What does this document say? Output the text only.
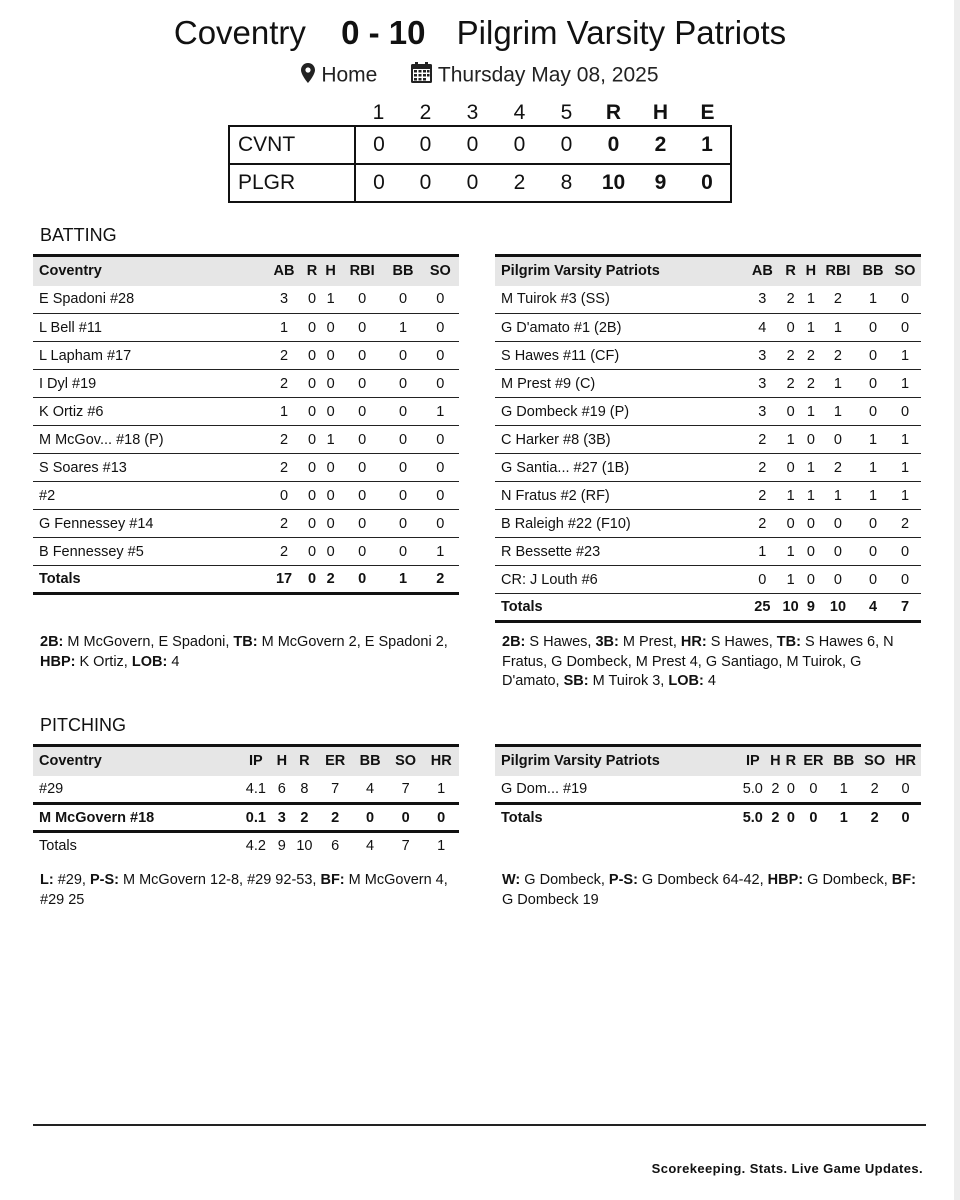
Coventry 0 - 10 Pilgrim Varsity Patriots
Home	Thursday May 08, 2025
	1	2	3	4	5	R	H	E
CVNT	0	0	0	0	0	0	2	1
PLGR	0	0	0	2	8	10	9	0
BATTING
Coventry	AB	R	H	RBI	BB	SO
E Spadoni #28	3	0	1	0	0	0
L Bell #11	1	0	0	0	1	0
L Lapham #17	2	0	0	0	0	0
I Dyl #19	2	0	0	0	0	0
K Ortiz #6	1	0	0	0	0	1
M McGov... #18 (P)	2	0	1	0	0	0
S Soares #13	2	0	0	0	0	0
#2	0	0	0	0	0	0
G Fennessey #14	2	0	0	0	0	0
B Fennessey #5	2	0	0	0	0	1
Totals	17	0	2	0	1	2
Pilgrim Varsity Patriots	AB	R	H	RBI	BB	SO
M Tuirok #3 (SS)	3	2	1	2	1	0
G D'amato #1 (2B)	4	0	1	1	0	0
S Hawes #11 (CF)	3	2	2	2	0	1
M Prest #9 (C)	3	2	2	1	0	1
G Dombeck #19 (P)	3	0	1	1	0	0
C Harker #8 (3B)	2	1	0	0	1	1
G Santia... #27 (1B)	2	0	1	2	1	1
N Fratus #2 (RF)	2	1	1	1	1	1
B Raleigh #22 (F10)	2	0	0	0	0	2
R Bessette #23	1	1	0	0	0	0
CR: J Louth #6	0	1	0	0	0	0
Totals	25	10	9	10	4	7
2B: M McGovern, E Spadoni, TB: M McGovern 2, E Spadoni 2, HBP: K Ortiz, LOB: 4
2B: S Hawes, 3B: M Prest, HR: S Hawes, TB: S Hawes 6, N Fratus, G Dombeck, M Prest 4, G Santiago, M Tuirok, G D'amato, SB: M Tuirok 3, LOB: 4
PITCHING
Coventry	IP	H	R	ER	BB	SO	HR
#29	4.1	6	8	7	4	7	1
M McGovern #18	0.1	3	2	2	0	0	0
Totals	4.2	9	10	6	4	7	1
Pilgrim Varsity Patriots	IP	H	R	ER	BB	SO	HR
G Dom... #19	5.0	2	0	0	1	2	0
Totals	5.0	2	0	0	1	2	0
L: #29, P-S: M McGovern 12-8, #29 92-53, BF: M McGovern 4, #29 25
W: G Dombeck, P-S: G Dombeck 64-42, HBP: G Dombeck, BF: G Dombeck 19
Scorekeeping. Stats. Live Game Updates.
